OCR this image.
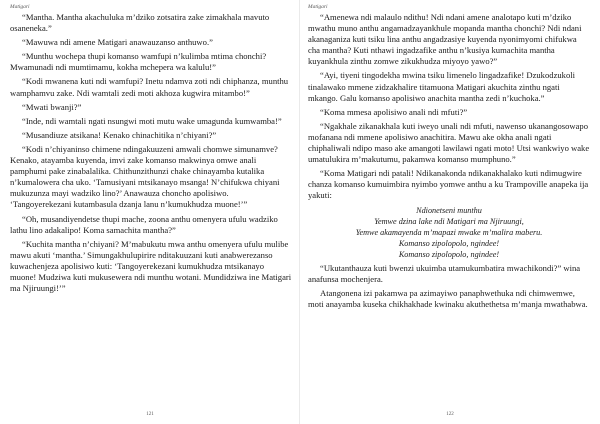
Matigari

“Mantha. Mantha akachuluka m’dziko zotsatira zake zimakhala mavuto osaneneka.”

“Mawuwa ndi amene Matigari anawauzanso anthuwo.”

“Munthu wochepa thupi komanso wamfupi n’kulimba mtima chonchi? Mwamunadi ndi mumtimamu, kokha mchepera wa kalulu!”

“Kodi mwanena kuti ndi wamfupi? Inetu ndamva zoti ndi chiphanza, munthu wamphamvu zake. Ndi wamtali zedi moti akhoza kugwira mitambo!”

“Mwati bwanji?”

“Inde, ndi wamtali ngati nsungwi moti mutu wake umagunda kumwamba!”

“Musandiuze atsikana! Kenako chinachitika n’chiyani?”

“Kodi n’chiyaninso chimene ndingakuuzeni amwali chomwe simunamve? Kenako, atayamba kuyenda, imvi zake komanso makwinya omwe anali pamphumi pake zinabalalika. Chithunzithunzi chake chinayamba kutalika n’kumalowera cha uko. ‘Tamusiyani mtsikanayo msanga! N’chifukwa chiyani mukuzunza mayi wadziko lino?’ Anawauza choncho apolisiwo. ‘Tangoyerekezani kutambasula dzanja lanu n’kumukhudza muone!’”

“Oh, musandiyendetse thupi mache, zoona anthu omenyera ufulu wadziko lathu lino adakalipo! Koma samachita mantha?”

“Kuchita mantha n’chiyani? M’mabukutu mwa anthu omenyera ufulu mulibe mawu akuti ‘mantha.’ Simungakhulupirire nditakuuzani kuti anabwerezanso kuwachenjeza apolisiwo kuti: ‘Tangoyerekezani kumukhudza mtsikanayo muone! Mudziwa kuti mukusewera ndi munthu wotani. Mundidziwa ine Matigari ma Njiruungi!’”

121
Matigari

“Amenewa ndi malaulo ndithu! Ndi ndani amene analotapo kuti m’dziko mwathu muno anthu angamadzayankhule mopanda mantha chonchi? Ndi ndani akanaganiza kuti tsiku lina anthu angadzasiye kuyenda nyonimyomi chifukwa cha mantha? Kuti nthawi ingadzafike anthu n’kusiya kumachita mantha kuyankhula zinthu zomwe zikukhudza miyoyo yawo?”

“Ayi, tiyeni tingodekha mwina tsiku limenelo lingadzafike! Dzukodzukoli tinalawako mmene zidzakhalire titamuona Matigari akuchita zinthu ngati mkango. Galu komanso apolisiwo anachita mantha zedi n’kuchoka.”

“Koma mmesa apolisiwo anali ndi mfuti?”

“Ngakhale zikanakhala kuti iweyo unali ndi mfuti, nawenso ukanangosowapo mofanana ndi mmene apolisiwo anachitira. Mawu ake okha anali ngati chiphaliwali ndipo maso ake amangoti lawilawi ngati moto! Utsi wankwiyo wake umatulukira m’makutumu, pakamwa komanso mumphuno.”

“Koma Matigari ndi patali! Ndikanakonda ndikanakhalako kuti ndimugwire chanza komanso kumuimbira nyimbo yomwe anthu a ku Trampoville anapeka ija yakuti:

Ndionetseni munthu
Yemwe dzina lake ndi Matigari ma Njiruungi,
Yemwe akamayenda m’mapazi mwake m’malira maberu.
Komanso zipolopolo, ngindee!
Komanso zipolopolo, ngindee!

“Ukutanthauza kuti bwenzi ukuimba utamukumbatira mwachikondi?” wina anafunsa mochenjera.

Atangonena izi pakamwa pa azimayiwo panaphwethuka ndi chimwemwe, moti anayamba kuseka chikhakhade kwinaku akuthethetsa m’manja mwathabwa.

122
